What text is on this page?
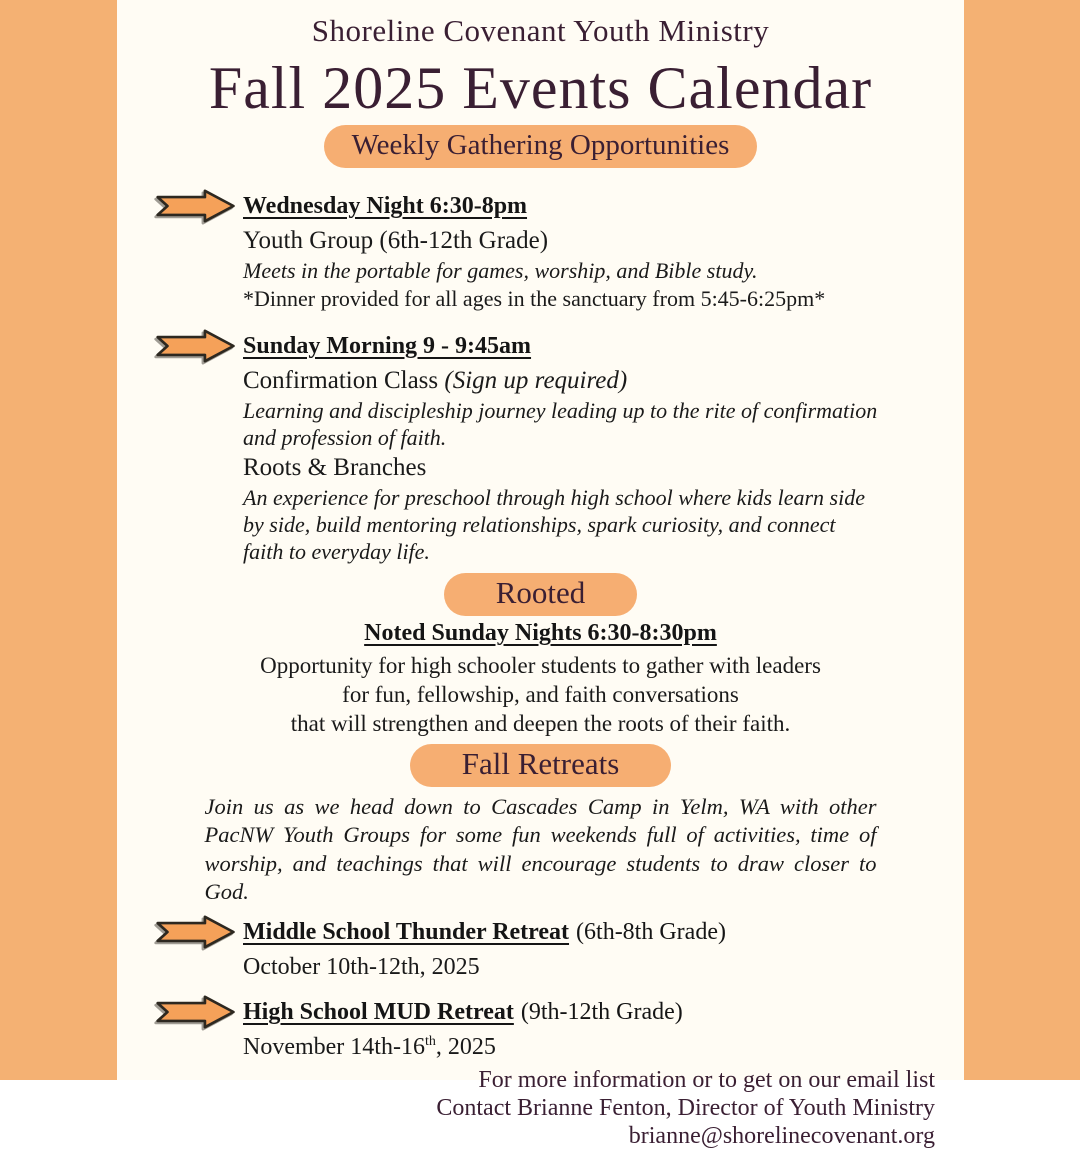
Shoreline Covenant Youth Ministry
Fall 2025 Events Calendar
Weekly Gathering Opportunities
Wednesday Night 6:30-8pm
Youth Group (6th-12th Grade)
Meets in the portable for games, worship, and Bible study.
*Dinner provided for all ages in the sanctuary from 5:45-6:25pm*
Sunday Morning 9 - 9:45am
Confirmation Class (Sign up required)
Learning and discipleship journey leading up to the rite of confirmation and profession of faith.
Roots & Branches
An experience for preschool through high school where kids learn side by side, build mentoring relationships, spark curiosity, and connect faith to everyday life.
Rooted
Noted Sunday Nights 6:30-8:30pm
Opportunity for high schooler students to gather with leaders
for fun, fellowship, and faith conversations
that will strengthen and deepen the roots of their faith.
Fall Retreats
Join us as we head down to Cascades Camp in Yelm, WA with other PacNW Youth Groups for some fun weekends full of activities, time of worship, and teachings that will encourage students to draw closer to God.
Middle School Thunder Retreat (6th-8th Grade)
October 10th-12th, 2025
High School MUD Retreat (9th-12th Grade)
November 14th-16th, 2025
For more information or to get on our email list
Contact Brianne Fenton, Director of Youth Ministry
brianne@shorelinecovenant.org
